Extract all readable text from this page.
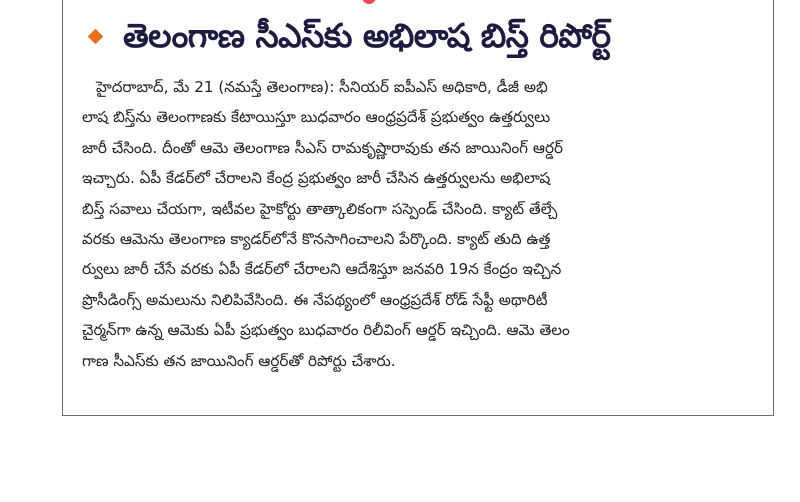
తెలంగాణ సీఎస్‌కు అభిలాష బిస్త్ రిపోర్ట్
హైదరాబాద్, మే 21 (నమస్తే తెలంగాణ): సీనియర్ ఐపీఎస్ అధికారి, డీజీ అభి
లాష బిస్త్‌ను తెలంగాణకు కేటాయిస్తూ బుధవారం ఆంధ్రప్రదేశ్ ప్రభుత్వం ఉత్తర్వులు
జారీ చేసింది. దీంతో ఆమె తెలంగాణ సీఎస్ రామకృష్ణారావుకు తన జాయినింగ్ ఆర్డర్
ఇచ్చారు. ఏపీ కేడర్‌లో చేరాలని కేంద్ర ప్రభుత్వం జారీ చేసిన ఉత్తర్వులను అభిలాష
బిస్త్ సవాలు చేయగా, ఇటీవల హైకోర్టు తాత్కాలికంగా సస్పెండ్ చేసింది. క్యాట్ తేల్చే
వరకు ఆమెను తెలంగాణ క్యాడర్‌లోనే కొనసాగించాలని పేర్కొంది. క్యాట్ తుది ఉత్త
ర్వులు జారీ చేసే వరకు ఏపీ కేడర్‌లో చేరాలని ఆదేశిస్తూ జనవరి 19న కేంద్రం ఇచ్చిన
ప్రొసీడింగ్స్ అమలును నిలిపివేసింది. ఈ నేపథ్యంలో ఆంధ్రప్రదేశ్ రోడ్ సేఫ్టీ అథారిటీ
చైర్మన్‌గా ఉన్న ఆమెకు ఏపీ ప్రభుత్వం బుధవారం రిలీవింగ్ ఆర్డర్ ఇచ్చింది. ఆమె తెలం
గాణ సీఎస్‌కు తన జాయినింగ్ ఆర్డర్‌తో రిపోర్టు చేశారు.
